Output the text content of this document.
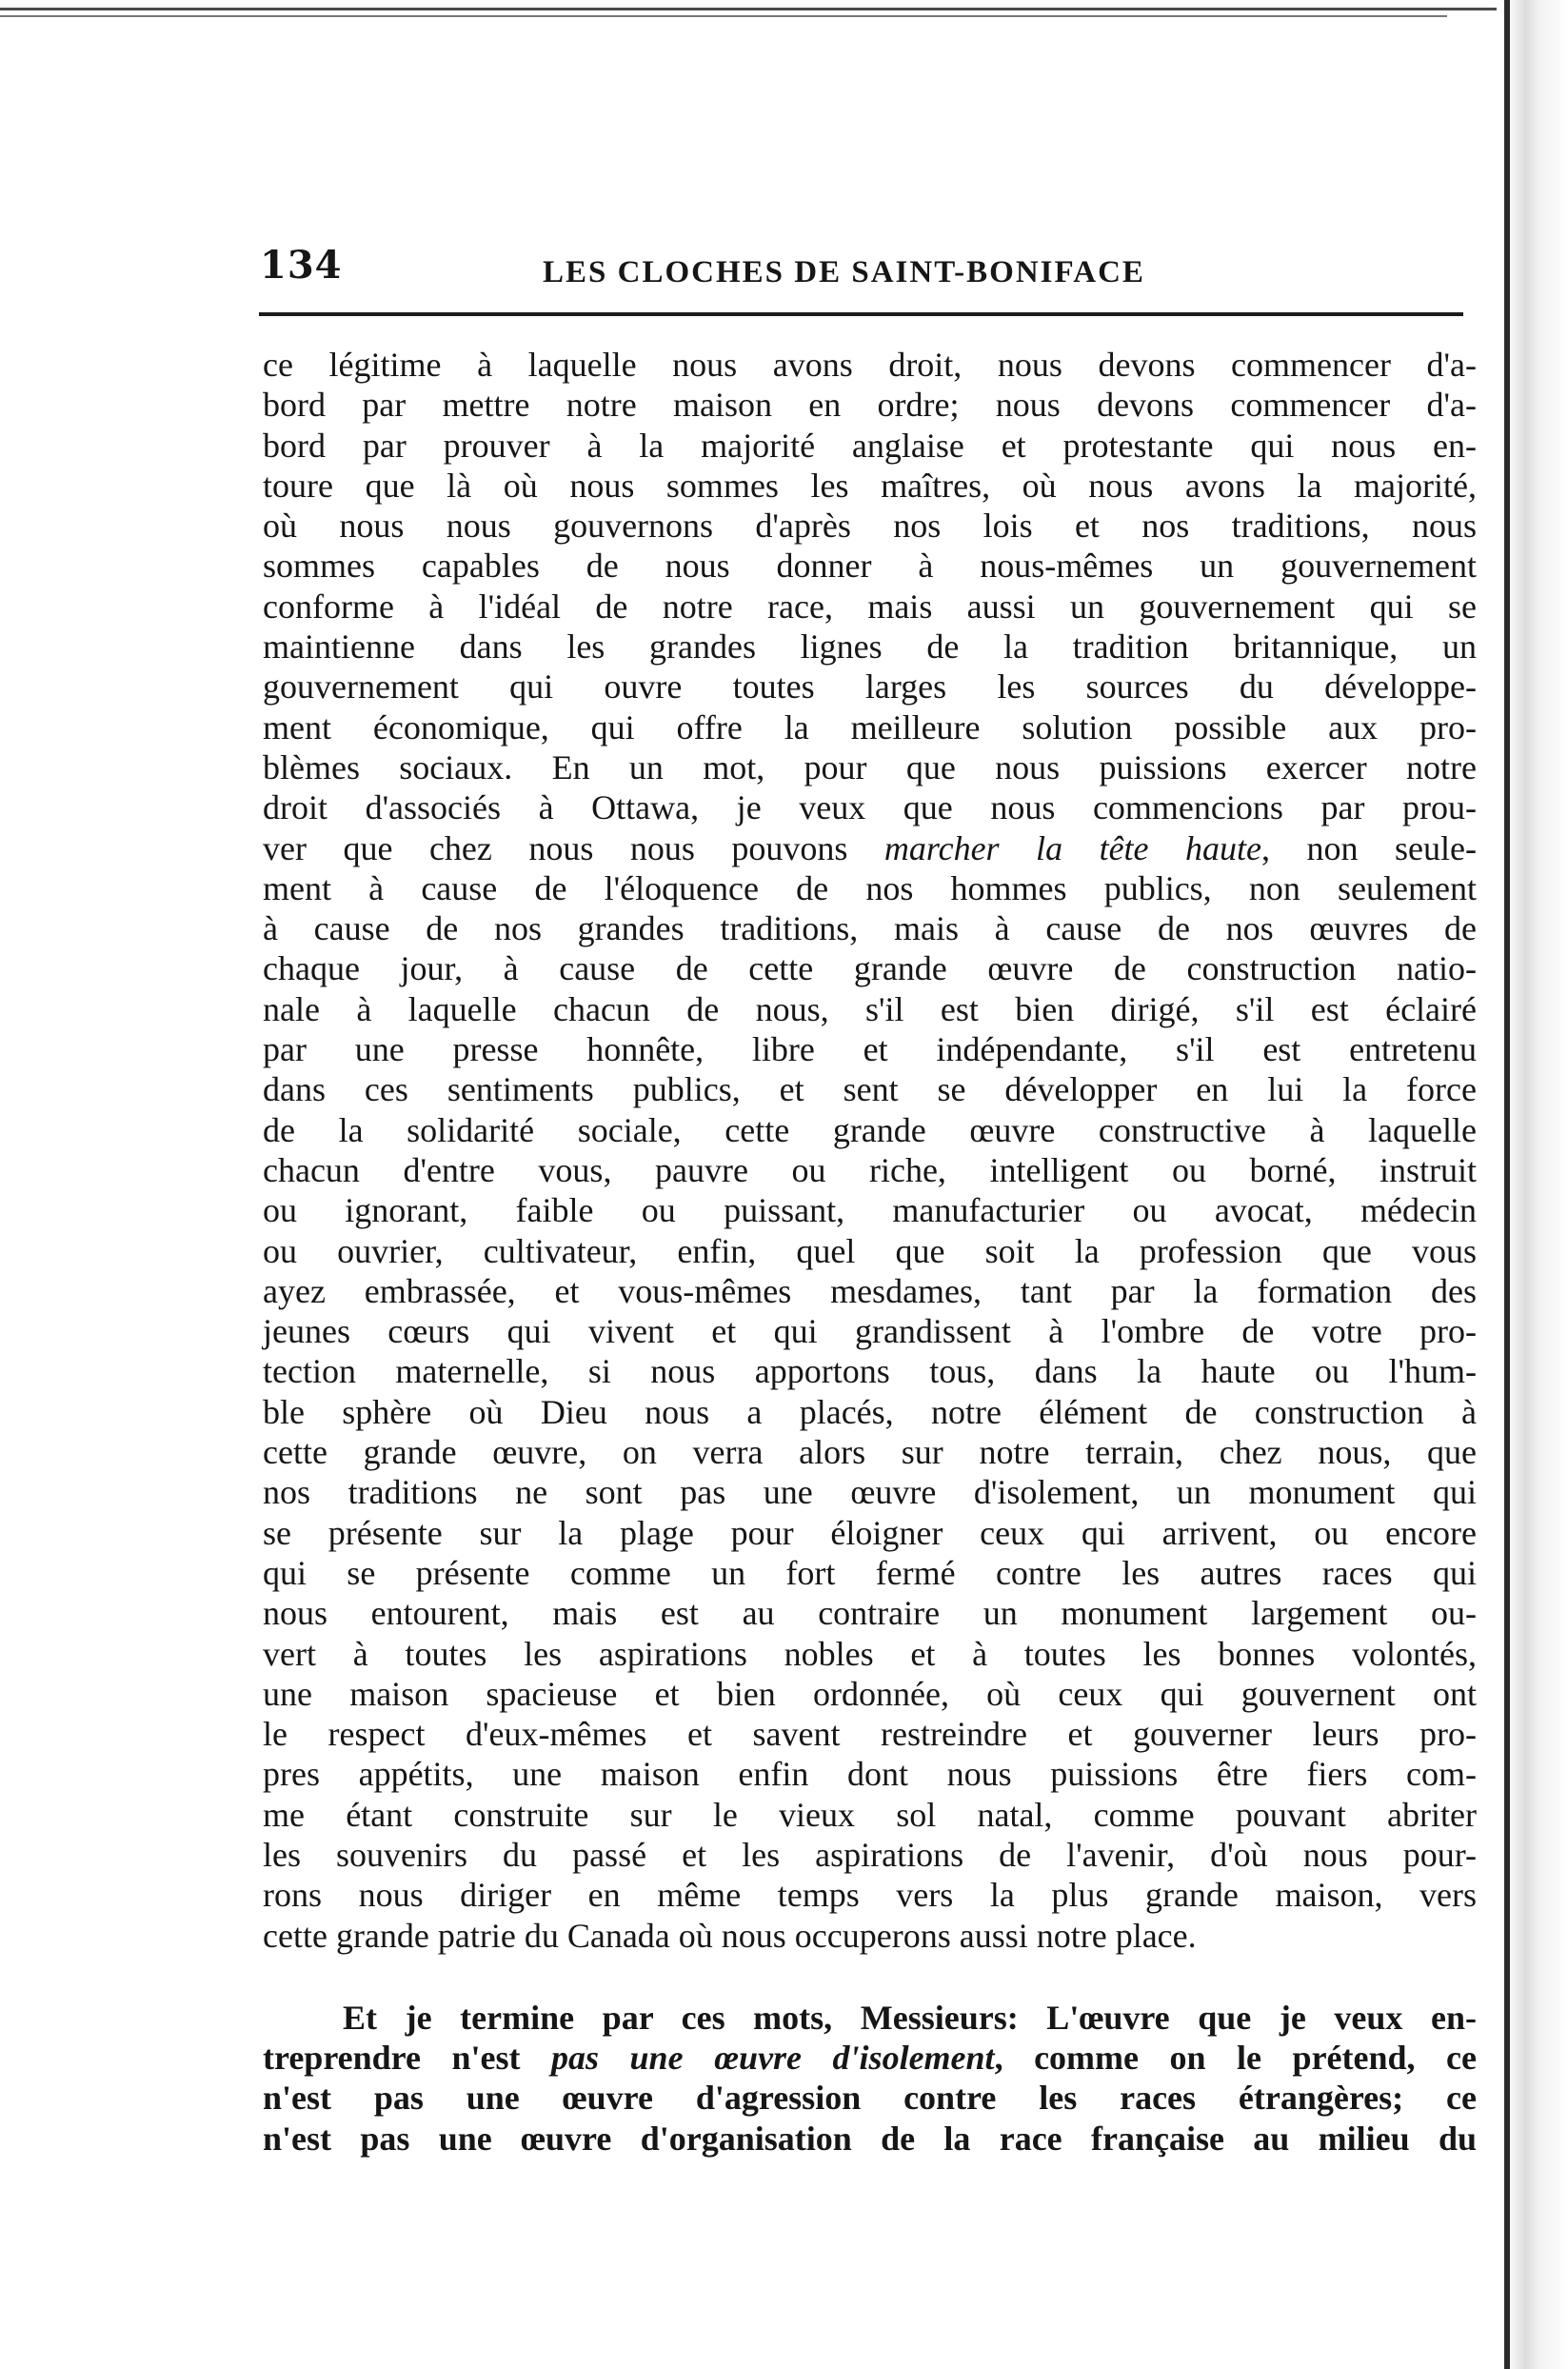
134	LES CLOCHES DE SAINT-BONIFACE
ce légitime à laquelle nous avons droit, nous devons commencer d'a-
bord par mettre notre maison en ordre; nous devons commencer d'a-
bord par prouver à la majorité anglaise et protestante qui nous en-
toure que là où nous sommes les maîtres, où nous avons la majorité,
où nous nous gouvernons d'après nos lois et nos traditions, nous
sommes capables de nous donner à nous-mêmes un gouvernement
conforme à l'idéal de notre race, mais aussi un gouvernement qui se
maintienne dans les grandes lignes de la tradition britannique, un
gouvernement qui ouvre toutes larges les sources du développe-
ment économique, qui offre la meilleure solution possible aux pro-
blèmes sociaux. En un mot, pour que nous puissions exercer notre
droit d'associés à Ottawa, je veux que nous commencions par prou-
ver que chez nous nous pouvons marcher la tête haute, non seule-
ment à cause de l'éloquence de nos hommes publics, non seulement
à cause de nos grandes traditions, mais à cause de nos œuvres de
chaque jour, à cause de cette grande œuvre de construction natio-
nale à laquelle chacun de nous, s'il est bien dirigé, s'il est éclairé
par une presse honnête, libre et indépendante, s'il est entretenu
dans ces sentiments publics, et sent se développer en lui la force
de la solidarité sociale, cette grande œuvre constructive à laquelle
chacun d'entre vous, pauvre ou riche, intelligent ou borné, instruit
ou ignorant, faible ou puissant, manufacturier ou avocat, médecin
ou ouvrier, cultivateur, enfin, quel que soit la profession que vous
ayez embrassée, et vous-mêmes mesdames, tant par la formation des
jeunes cœurs qui vivent et qui grandissent à l'ombre de votre pro-
tection maternelle, si nous apportons tous, dans la haute ou l'hum-
ble sphère où Dieu nous a placés, notre élément de construction à
cette grande œuvre, on verra alors sur notre terrain, chez nous, que
nos traditions ne sont pas une œuvre d'isolement, un monument qui
se présente sur la plage pour éloigner ceux qui arrivent, ou encore
qui se présente comme un fort fermé contre les autres races qui
nous entourent, mais est au contraire un monument largement ou-
vert à toutes les aspirations nobles et à toutes les bonnes volontés,
une maison spacieuse et bien ordonnée, où ceux qui gouvernent ont
le respect d'eux-mêmes et savent restreindre et gouverner leurs pro-
pres appétits, une maison enfin dont nous puissions être fiers com-
me étant construite sur le vieux sol natal, comme pouvant abriter
les souvenirs du passé et les aspirations de l'avenir, d'où nous pour-
rons nous diriger en même temps vers la plus grande maison, vers
cette grande patrie du Canada où nous occuperons aussi notre place.
Et je termine par ces mots, Messieurs: L'œuvre que je veux en-
treprendre n'est pas une œuvre d'isolement, comme on le prétend, ce
n'est pas une œuvre d'agression contre les races étrangères; ce
n'est pas une œuvre d'organisation de la race française au milieu du
